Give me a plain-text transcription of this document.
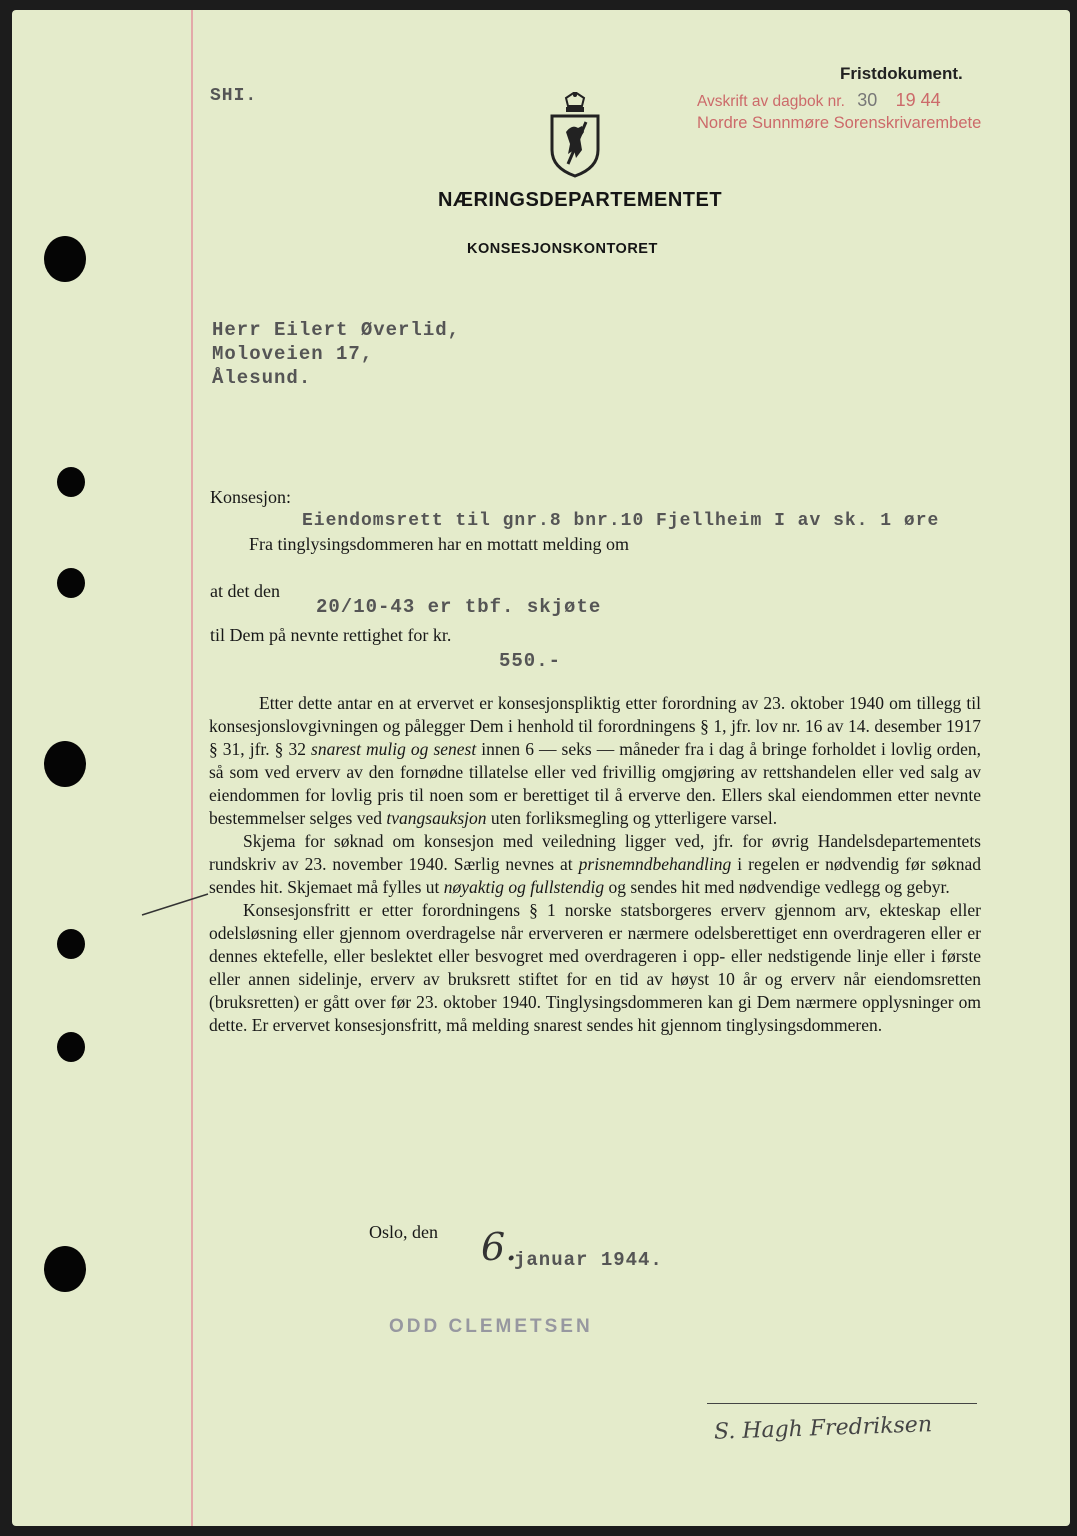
SHI.
Fristdokument.
Avskrift av dagbok nr. 30 19 44
Nordre Sunnmøre Sorenskrivarembete
NÆRINGSDEPARTEMENTET
KONSESJONSKONTORET
Herr Eilert Øverlid,
Moloveien 17,
Ålesund.
Konsesjon:
Eiendomsrett til gnr.8 bnr.10 Fjellheim I av sk. 1 øre
Fra tinglysingsdommeren har en mottatt melding om
at det den
20/10-43 er tbf. skjøte
til Dem på nevnte rettighet for kr.
550.-

Etter dette antar en at ervervet er konsesjonspliktig etter forordning av 23. oktober 1940 om tillegg til konsesjonslovgivningen og pålegger Dem i henhold til forordningens § 1, jfr. lov nr. 16 av 14. desember 1917 § 31, jfr. § 32 snarest mulig og senest innen 6 — seks — måneder fra i dag å bringe forholdet i lovlig orden, så som ved erverv av den fornødne tillatelse eller ved frivillig omgjøring av rettshandelen eller ved salg av eiendommen for lovlig pris til noen som er berettiget til å erverve den. Ellers skal eiendommen etter nevnte bestemmelser selges ved tvangsauksjon uten forliksmegling og ytterligere varsel.

Skjema for søknad om konsesjon med veiledning ligger ved, jfr. for øvrig Handelsdepartementets rundskriv av 23. november 1940. Særlig nevnes at prisnemndbehandling i regelen er nødvendig før søknad sendes hit. Skjemaet må fylles ut nøyaktig og fullstendig og sendes hit med nødvendige vedlegg og gebyr.

Konsesjonsfritt er etter forordningens § 1 norske statsborgeres erverv gjennom arv, ekteskap eller odelsløsning eller gjennom overdragelse når erververen er nærmere odelsberettiget enn overdrageren eller er dennes ektefelle, eller beslektet eller besvogret med overdrageren i opp- eller nedstigende linje eller i første eller annen sidelinje, erverv av bruksrett stiftet for en tid av høyst 10 år og erverv når eiendomsretten (bruksretten) er gått over før 23. oktober 1940. Tinglysingsdommeren kan gi Dem nærmere opplysninger om dette. Er ervervet konsesjonsfritt, må melding snarest sendes hit gjennom tinglysingsdommeren.

Oslo, den 6.
januar 1944.
ODD CLEMETSEN
S. Hagh Fredriksen
